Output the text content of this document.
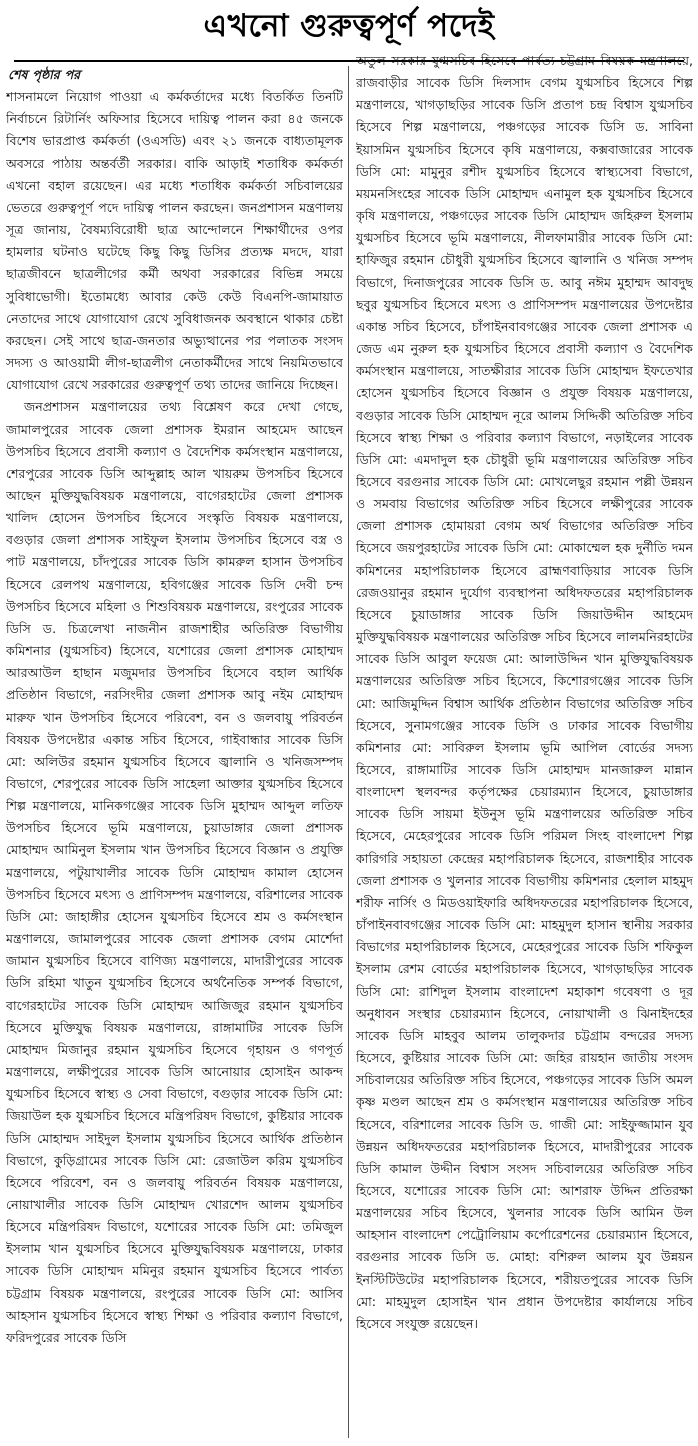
এখনো গুরুত্বপূর্ণ পদেই
শেষ পৃষ্ঠার পর

শাসনামলে নিয়োগ পাওয়া এ কর্মকর্তাদের মধ্যে বিতর্কিত তিনটি নির্বাচনে রিটার্নিং অফিসার হিসেবে দায়িত্ব পালন করা ৪৫ জনকে বিশেষ ভারপ্রাপ্ত কর্মকর্তা (ওএসডি) এবং ২১ জনকে বাধ্যতামূলক অবসরে পাঠায় অন্তর্বর্তী সরকার। বাকি আড়াই শতাধিক কর্মকর্তা এখনো বহাল রয়েছেন। এর মধ্যে শতাধিক কর্মকর্তা সচিবালয়ের ভেতরে গুরুত্বপূর্ণ পদে দায়িত্ব পালন করছেন। জনপ্রশাসন মন্ত্রণালয় সূত্র জানায়, বৈষম্যবিরোধী ছাত্র আন্দোলনে শিক্ষার্থীদের ওপর হামলার ঘটনাও ঘটেছে কিছু কিছু ডিসির প্রত্যক্ষ মদদে, যারা ছাত্রজীবনে ছাত্রলীগের কর্মী অথবা সরকারের বিভিন্ন সময়ে সুবিধাভোগী। ইতোমধ্যে আবার কেউ কেউ বিএনপি-জামায়াত নেতাদের সাথে যোগাযোগ রেখে সুবিধাজনক অবস্থানে থাকার চেষ্টা করছেন। সেই সাথে ছাত্র-জনতার অভ্যুত্থানের পর পলাতক সংসদ সদস্য ও আওয়ামী লীগ-ছাত্রলীগ নেতাকর্মীদের সাথে নিয়মিতভাবে যোগাযোগ রেখে সরকারের গুরুত্বপূর্ণ তথ্য তাদের জানিয়ে দিচ্ছেন।

জনপ্রশাসন মন্ত্রণালয়ের তথ্য বিশ্লেষণ করে দেখা গেছে, জামালপুরের সাবেক জেলা প্রশাসক ইমরান আহমেদ আছেন উপসচিব হিসেবে প্রবাসী কল্যাণ ও বৈদেশিক কর্মসংস্থান মন্ত্রণালয়ে, শেরপুরের সাবেক ডিসি আব্দুল্লাহ আল খায়রুম উপসচিব হিসেবে আছেন মুক্তিযুদ্ধবিষয়ক মন্ত্রণালয়ে, বাগেরহাটের জেলা প্রশাসক খালিদ হোসেন উপসচিব হিসেবে সংস্কৃতি বিষয়ক মন্ত্রণালয়ে, বগুড়ার জেলা প্রশাসক সাইফুল ইসলাম উপসচিব হিসেবে বস্ত্র ও পাট মন্ত্রণালয়ে, চাঁদপুরের সাবেক ডিসি কামরুল হাসান উপসচিব হিসেবে রেলপথ মন্ত্রণালয়ে, হবিগঞ্জের সাবেক ডিসি দেবী চন্দ উপসচিব হিসেবে মহিলা ও শিশুবিষয়ক মন্ত্রণালয়ে, রংপুরের সাবেক ডিসি ড. চিত্রলেখা নাজনীন রাজশাহীর অতিরিক্ত বিভাগীয় কমিশনার (যুগ্মসচিব) হিসেবে, যশোরের জেলা প্রশাসক মোহাম্মদ আরআউল হাছান মজুমদার উপসচিব হিসেবে বহাল আর্থিক প্রতিষ্ঠান বিভাগে, নরসিংদীর জেলা প্রশাসক আবু নইম মোহাম্মদ মারুফ খান উপসচিব হিসেবে পরিবেশ, বন ও জলবায়ু পরিবর্তন বিষয়ক উপদেষ্টার একান্ত সচিব হিসেবে, গাইবান্ধার সাবেক ডিসি মো: অলিউর রহমান যুগ্মসচিব হিসেবে জ্বালানি ও খনিজসম্পদ বিভাগে, শেরপুরের সাবেক ডিসি সাহেলা আক্তার যুগ্মসচিব হিসেবে শিল্প মন্ত্রণালয়ে, মানিকগঞ্জের সাবেক ডিসি মুহাম্মদ আব্দুল লতিফ উপসচিব হিসেবে ভূমি মন্ত্রণালয়ে, চুয়াডাঙ্গার জেলা প্রশাসক মোহাম্মদ আমিনুল ইসলাম খান উপসচিব হিসেবে বিজ্ঞান ও প্রযুক্তি মন্ত্রণালয়ে, পটুয়াখালীর সাবেক ডিসি মোহাম্মদ কামাল হোসেন উপসচিব হিসেবে মৎস্য ও প্রাণিসম্পদ মন্ত্রণালয়ে, বরিশালের সাবেক ডিসি মো: জাহাঙ্গীর হোসেন যুগ্মসচিব হিসেবে শ্রম ও কর্মসংস্থান মন্ত্রণালয়ে, জামালপুরের সাবেক জেলা প্রশাসক বেগম মোর্শেদা জামান যুগ্মসচিব হিসেবে বাণিজ্য মন্ত্রণালয়ে, মাদারীপুরের সাবেক ডিসি রহিমা খাতুন যুগ্মসচিব হিসেবে অর্থনৈতিক সম্পর্ক বিভাগে, বাগেরহাটের সাবেক ডিসি মোহাম্মদ আজিজুর রহমান যুগ্মসচিব হিসেবে মুক্তিযুদ্ধ বিষয়ক মন্ত্রণালয়ে, রাঙ্গামাটির সাবেক ডিসি মোহাম্মদ মিজানুর রহমান যুগ্মসচিব হিসেবে গৃহায়ন ও গণপূর্ত মন্ত্রণালয়ে, লক্ষীপুরের সাবেক ডিসি আনোয়ার হোসাইন আকন্দ যুগ্মসচিব হিসেবে স্বাস্থ্য ও সেবা বিভাগে, বগুড়ার সাবেক ডিসি মো: জিয়াউল হক যুগ্মসচিব হিসেবে মন্ত্রিপরিষদ বিভাগে, কুষ্টিয়ার সাবেক ডিসি মোহাম্মদ সাইদুল ইসলাম যুগ্মসচিব হিসেবে আর্থিক প্রতিষ্ঠান বিভাগে, কুড়িগ্রামের সাবেক ডিসি মো: রেজাউল করিম যুগ্মসচিব হিসেবে পরিবেশ, বন ও জলবায়ু পরিবর্তন বিষয়ক মন্ত্রণালয়ে, নোয়াখালীর সাবেক ডিসি মোহাম্মদ খোরশেদ আলম যুগ্মসচিব হিসেবে মন্ত্রিপরিষদ বিভাগে, যশোরের সাবেক ডিসি মো: তমিজুল ইসলাম খান যুগ্মসচিব হিসেবে মুক্তিযুদ্ধবিষয়ক মন্ত্রণালয়ে, ঢাকার সাবেক ডিসি মোহাম্মদ মমিনুর রহমান যুগ্মসচিব হিসেবে পার্বত্য চট্টগ্রাম বিষয়ক মন্ত্রণালয়ে, রংপুরের সাবেক ডিসি মো: আসিব আহসান যুগ্মসচিব হিসেবে স্বাস্থ্য শিক্ষা ও পরিবার কল্যাণ বিভাগে, ফরিদপুরের সাবেক ডিসি

অতুল সরকার যুগ্মসচিব হিসেবে পার্বত্য চট্টগ্রাম বিষয়ক মন্ত্রণালয়ে, রাজবাড়ীর সাবেক ডিসি দিলসাদ বেগম যুগ্মসচিব হিসেবে শিল্প মন্ত্রণালয়ে, খাগড়াছড়ির সাবেক ডিসি প্রতাপ চন্দ্র বিশ্বাস যুগ্মসচিব হিসেবে শিল্প মন্ত্রণালয়ে, পঞ্চগড়ের সাবেক ডিসি ড. সাবিনা ইয়াসমিন যুগ্মসচিব হিসেবে কৃষি মন্ত্রণালয়ে, কক্সবাজারের সাবেক ডিসি মো: মামুনুর রশীদ যুগ্মসচিব হিসেবে স্বাস্থ্যসেবা বিভাগে, ময়মনসিংহের সাবেক ডিসি মোহাম্মদ এনামুল হক যুগ্মসচিব হিসেবে কৃষি মন্ত্রণালয়ে, পঞ্চগড়ের সাবেক ডিসি মোহাম্মদ জহিরুল ইসলাম যুগ্মসচিব হিসেবে ভূমি মন্ত্রণালয়ে, নীলফামারীর সাবেক ডিসি মো: হাফিজুর রহমান চৌধুরী যুগ্মসচিব হিসেবে জ্বালানি ও খনিজ সম্পদ বিভাগে, দিনাজপুরের সাবেক ডিসি ড. আবু নঈম মুহাম্মদ আবদুছ ছবুর যুগ্মসচিব হিসেবে মৎস্য ও প্রাণিসম্পদ মন্ত্রণালয়ের উপদেষ্টার একান্ত সচিব হিসেবে, চাঁপাইনবাবগঞ্জের সাবেক জেলা প্রশাসক এ জেড এম নুরুল হক যুগ্মসচিব হিসেবে প্রবাসী কল্যাণ ও বৈদেশিক কর্মসংস্থান মন্ত্রণালয়ে, সাতক্ষীরার সাবেক ডিসি মোহাম্মদ ইফতেখার হোসেন যুগ্মসচিব হিসেবে বিজ্ঞান ও প্রযুক্ত বিষয়ক মন্ত্রণালয়ে, বগুড়ার সাবেক ডিসি মোহাম্মদ নূরে আলম সিদ্দিকী অতিরিক্ত সচিব হিসেবে স্বাস্থ্য শিক্ষা ও পরিবার কল্যাণ বিভাগে, নড়াইলের সাবেক ডিসি মো: এমদাদুল হক চৌধুরী ভূমি মন্ত্রণালয়ের অতিরিক্ত সচিব হিসেবে বরগুনার সাবেক ডিসি মো: মোখলেছুর রহমান পল্লী উন্নয়ন ও সমবায় বিভাগের অতিরিক্ত সচিব হিসেবে লক্ষীপুরের সাবেক জেলা প্রশাসক হোমায়রা বেগম অর্থ বিভাগের অতিরিক্ত সচিব হিসেবে জয়পুরহাটের সাবেক ডিসি মো: মোকাম্মেল হক দুর্নীতি দমন কমিশনের মহাপরিচালক হিসেবে ব্রাহ্মণবাড়িয়ার সাবেক ডিসি রেজওয়ানুর রহমান দুর্যোগ ব্যবস্থাপনা অধিদফতরের মহাপরিচালক হিসেবে চুয়াডাঙ্গার সাবেক ডিসি জিয়াউদ্দীন আহমেদ মুক্তিযুদ্ধবিষয়ক মন্ত্রণালয়ের অতিরিক্ত সচিব হিসেবে লালমনিরহাটের সাবেক ডিসি আবুল ফয়েজ মো: আলাউদ্দিন খান মুক্তিযুদ্ধবিষয়ক মন্ত্রণালয়ের অতিরিক্ত সচিব হিসেবে, কিশোরগঞ্জের সাবেক ডিসি মো: আজিমুদ্দিন বিশ্বাস আর্থিক প্রতিষ্ঠান বিভাগের অতিরিক্ত সচিব হিসেবে, সুনামগঞ্জের সাবেক ডিসি ও ঢাকার সাবেক বিভাগীয় কমিশনার মো: সাবিরুল ইসলাম ভূমি আপিল বোর্ডের সদস্য হিসেবে, রাঙ্গামাটির সাবেক ডিসি মোহাম্মদ মানজারুল মান্নান বাংলাদেশ স্থলবন্দর কর্তৃপক্ষের চেয়ারম্যান হিসেবে, চুয়াডাঙ্গার সাবেক ডিসি সায়মা ইউনুস ভূমি মন্ত্রণালয়ের অতিরিক্ত সচিব হিসেবে, মেহেরপুরের সাবেক ডিসি পরিমল সিংহ বাংলাদেশ শিল্প কারিগরি সহায়তা কেন্দ্রের মহাপরিচালক হিসেবে, রাজশাহীর সাবেক জেলা প্রশাসক ও খুলনার সাবেক বিভাগীয় কমিশনার হেলাল মাহমুদ শরীফ নার্সিং ও মিডওয়াইফারি অধিদফতরের মহাপরিচালক হিসেবে, চাঁপাইনবাবগঞ্জের সাবেক ডিসি মো: মাহমুদুল হাসান স্থানীয় সরকার বিভাগের মহাপরিচালক হিসেবে, মেহেরপুরের সাবেক ডিসি শফিকুল ইসলাম রেশম বোর্ডের মহাপরিচালক হিসেবে, খাগড়াছড়ির সাবেক ডিসি মো: রাশিদুল ইসলাম বাংলাদেশ মহাকাশ গবেষণা ও দূর অনুধাবন সংস্থার চেয়ারম্যান হিসেবে, নোয়াখালী ও ঝিনাইদহের সাবেক ডিসি মাহবুব আলম তালুকদার চট্টগ্রাম বন্দরের সদস্য হিসেবে, কুষ্টিয়ার সাবেক ডিসি মো: জহির রায়হান জাতীয় সংসদ সচিবালয়ের অতিরিক্ত সচিব হিসেবে, পঞ্চগড়ের সাবেক ডিসি অমল কৃষ্ণ মণ্ডল আছেন শ্রম ও কর্মসংস্থান মন্ত্রণালয়ের অতিরিক্ত সচিব হিসেবে, বরিশালের সাবেক ডিসি ড. গাজী মো: সাইফুজ্জামান যুব উন্নয়ন অধিদফতরের মহাপরিচালক হিসেবে, মাদারীপুরের সাবেক ডিসি কামাল উদ্দীন বিশ্বাস সংসদ সচিবালয়ের অতিরিক্ত সচিব হিসেবে, যশোরের সাবেক ডিসি মো: আশরাফ উদ্দিন প্রতিরক্ষা মন্ত্রণালয়ের সচিব হিসেবে, খুলনার সাবেক ডিসি আমিন উল আহসান বাংলাদেশ পেট্রোলিয়াম কর্পোরেশনের চেয়ারম্যান হিসেবে, বরগুনার সাবেক ডিসি ড. মোহা: বশিরুল আলম যুব উন্নয়ন ইনস্টিটিউটের মহাপরিচালক হিসেবে, শরীয়তপুরের সাবেক ডিসি মো: মাহমুদুল হোসাইন খান প্রধান উপদেষ্টার কার্যালয়ে সচিব হিসেবে সংযুক্ত রয়েছেন।
